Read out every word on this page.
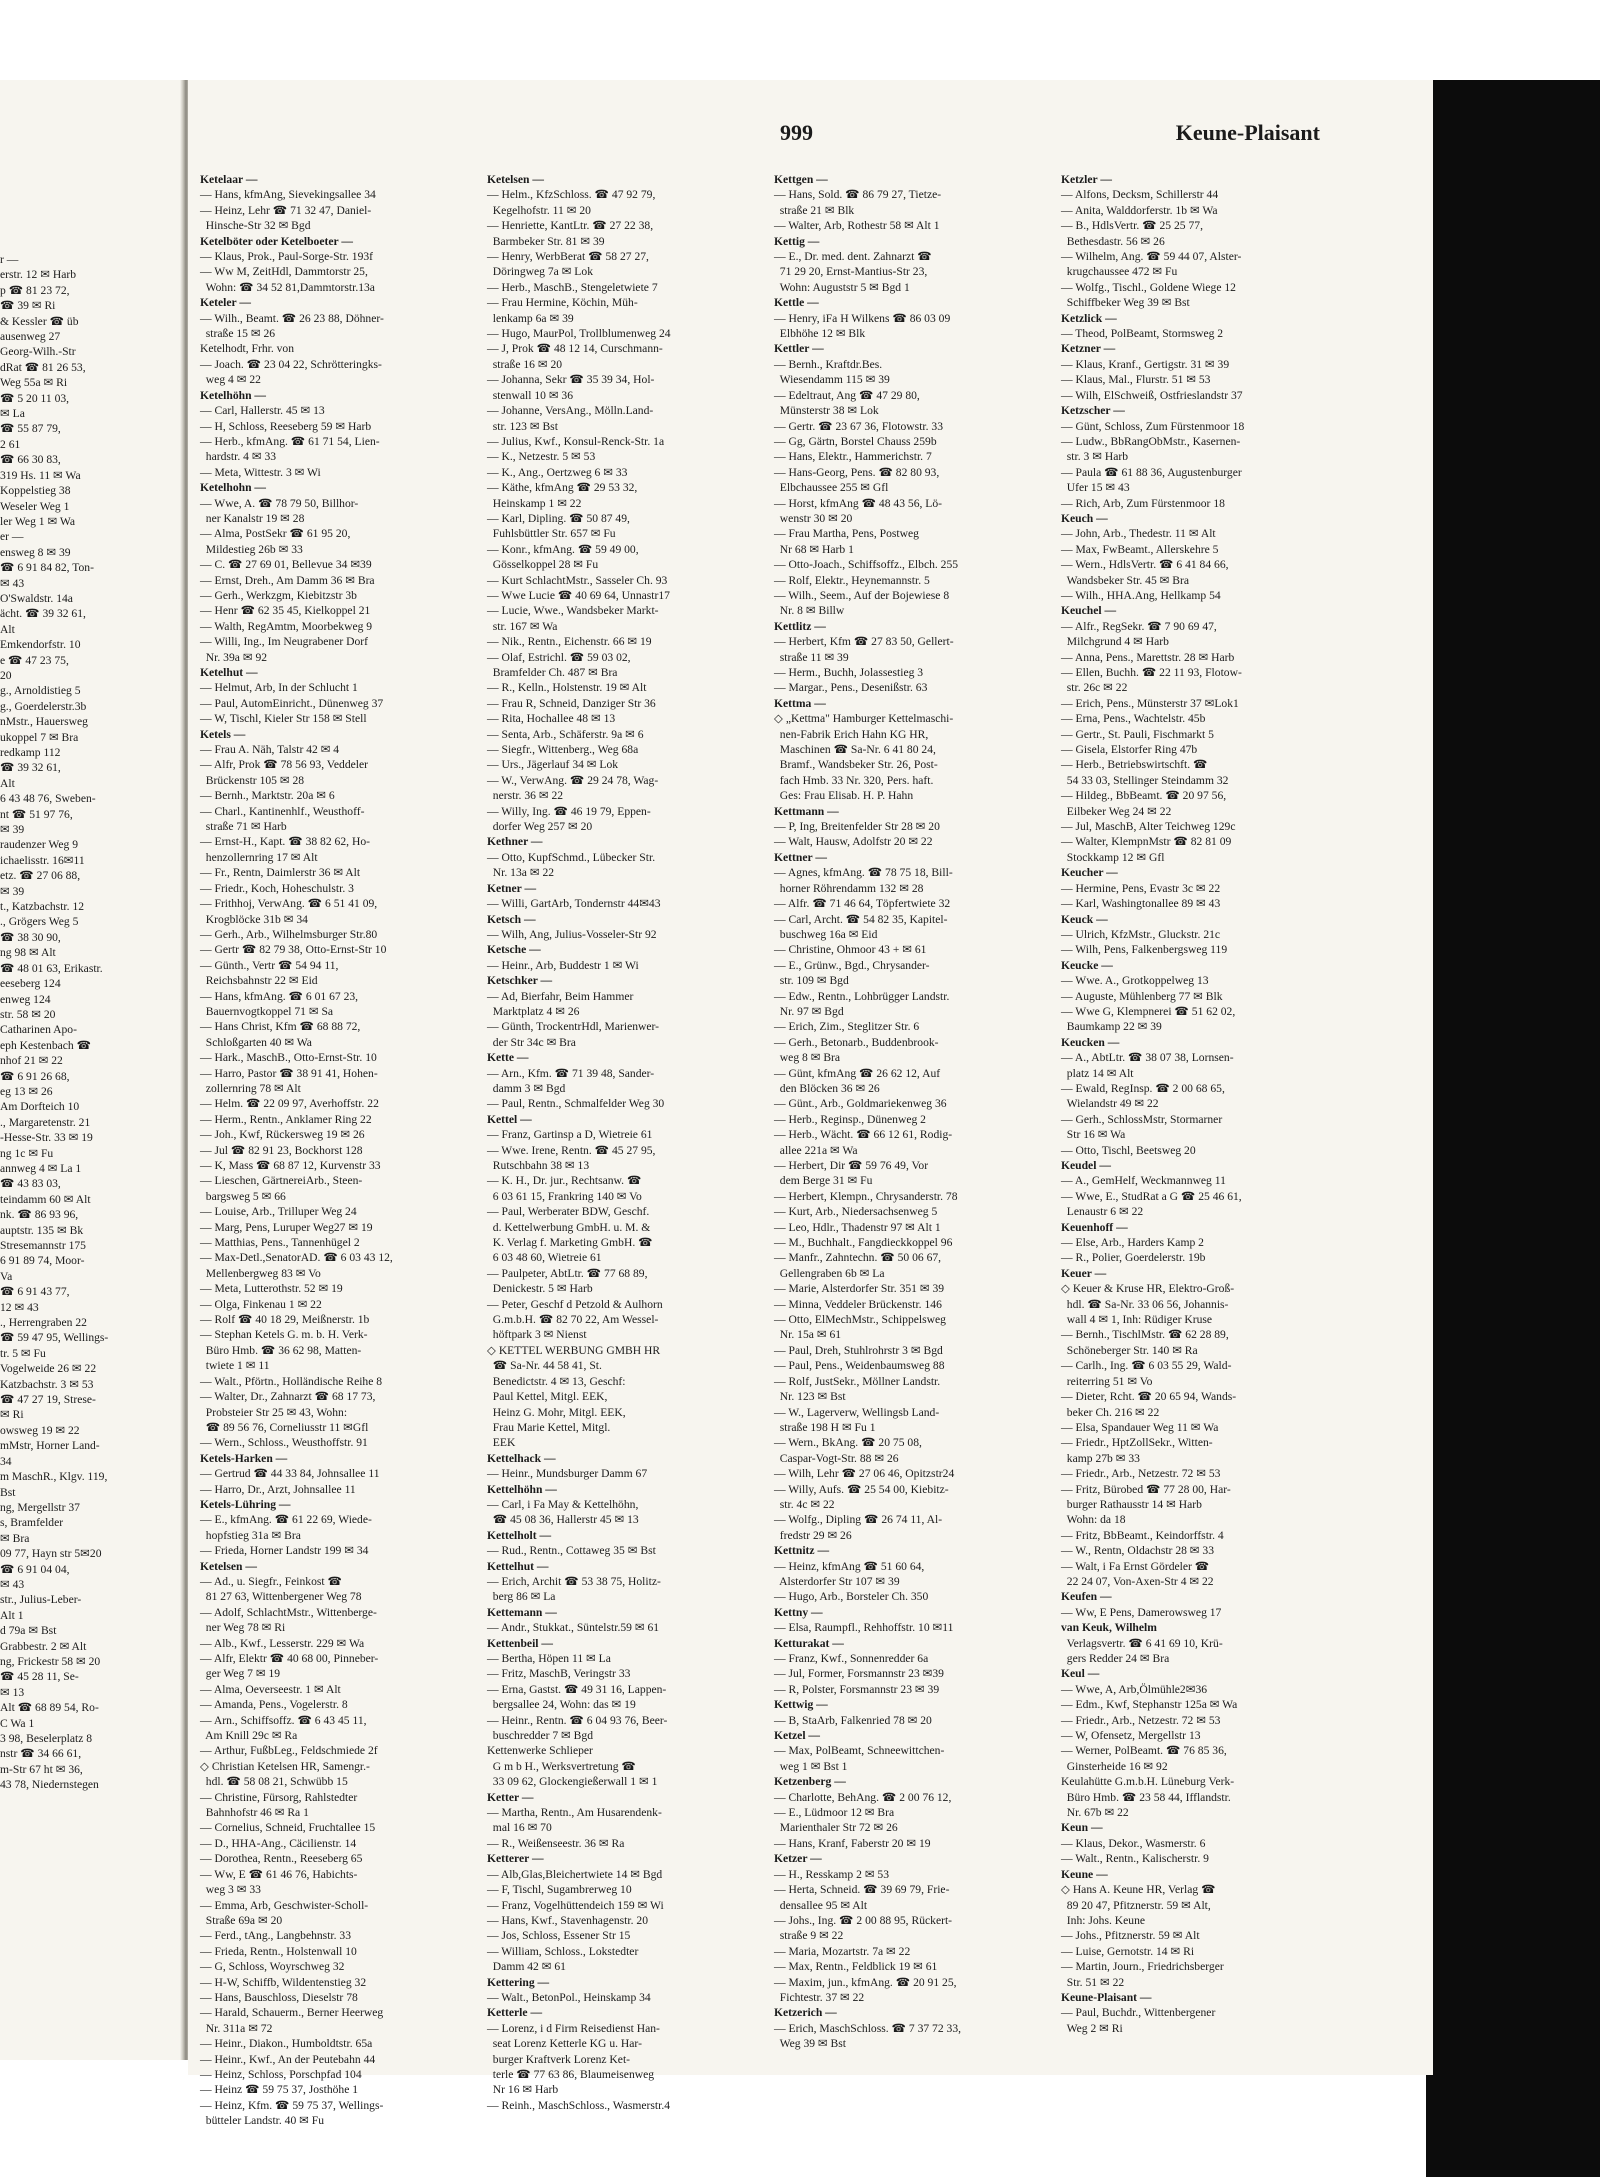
r —
erstr. 12 ✉ Harb
p ☎ 81 23 72,
☎ 39 ✉ Ri
& Kessler ☎ üb
ausenweg 27
Georg-Wilh.-Str
dRat ☎ 81 26 53,
Weg 55a ✉ Ri
☎ 5 20 11 03,
✉ La
☎ 55 87 79,
2 61
☎ 66 30 83,
319 Hs. 11 ✉ Wa
Koppelstieg 38
Weseler Weg 1
ler Weg 1 ✉ Wa
er —
ensweg 8 ✉ 39
☎ 6 91 84 82, Ton-
✉ 43
O'Swaldstr. 14a
ächt. ☎ 39 32 61,
Alt
Emkendorfstr. 10
e ☎ 47 23 75,
20
g., Arnoldistieg 5
g., Goerdelerstr.3b
nMstr., Hauersweg
ukoppel 7 ✉ Bra
redkamp 112
☎ 39 32 61,
Alt
6 43 48 76, Sweben-
nt ☎ 51 97 76,
✉ 39
raudenzer Weg 9
ichaelisstr. 16✉11
etz. ☎ 27 06 88,
✉ 39
t., Katzbachstr. 12
., Grögers Weg 5
☎ 38 30 90,
ng 98 ✉ Alt
☎ 48 01 63, Erikastr.
eeseberg 124
enweg 124
str. 58 ✉ 20
Catharinen Apo-
eph Kestenbach ☎
nhof 21 ✉ 22
☎ 6 91 26 68,
eg 13 ✉ 26
Am Dorfteich 10
., Margaretenstr. 21
-Hesse-Str. 33 ✉ 19
ng 1c ✉ Fu
annweg 4 ✉ La 1
☎ 43 83 03,
teindamm 60 ✉ Alt
nk. ☎ 86 93 96,
auptstr. 135 ✉ Bk
Stresemannstr 175
6 91 89 74, Moor-
Va
☎ 6 91 43 77,
12 ✉ 43
., Herrengraben 22
☎ 59 47 95, Wellings-
tr. 5 ✉ Fu
Vogelweide 26 ✉ 22
Katzbachstr. 3 ✉ 53
☎ 47 27 19, Strese-
✉ Ri
owsweg 19 ✉ 22
mMstr, Horner Land-
34
m MaschR., Klgv. 119,
Bst
ng, Mergellstr 37
s, Bramfelder
✉ Bra
09 77, Hayn str 5✉20
☎ 6 91 04 04,
✉ 43
str., Julius-Leber-
Alt 1
d 79a ✉ Bst
Grabbestr. 2 ✉ Alt
ng, Frickestr 58 ✉ 20
☎ 45 28 11, Se-
✉ 13
Alt ☎ 68 89 54, Ro-
C Wa 1
3 98, Beselerplatz 8
nstr ☎ 34 66 61,
m-Str 67 ht ✉ 36,
43 78, Niedernstegen
999	Keune-Plaisant
Ketelaar —
— Hans, kfmAng, Sievekingsallee 34
— Heinz, Lehr ☎ 71 32 47, Daniel-
Hinsche-Str 32 ✉ Bgd
Ketelböter oder Ketelboeter —
— Klaus, Prok., Paul-Sorge-Str. 193f
— Ww M, ZeitHdl, Dammtorstr 25,
Wohn: ☎ 34 52 81,Dammtorstr.13a
Keteler —
— Wilh., Beamt. ☎ 26 23 88, Döhner-
straße 15 ✉ 26
Ketelhodt, Frhr. von
— Joach. ☎ 23 04 22, Schrötteringks-
weg 4 ✉ 22
Ketelhöhn —
— Carl, Hallerstr. 45 ✉ 13
— H, Schloss, Reeseberg 59 ✉ Harb
— Herb., kfmAng. ☎ 61 71 54, Lien-
hardstr. 4 ✉ 33
— Meta, Wittestr. 3 ✉ Wi
Ketelhohn —
— Wwe, A. ☎ 78 79 50, Billhor-
ner Kanalstr 19 ✉ 28
— Alma, PostSekr ☎ 61 95 20,
Mildestieg 26b ✉ 33
— C. ☎ 27 69 01, Bellevue 34 ✉39
— Ernst, Dreh., Am Damm 36 ✉ Bra
— Gerh., Werkzgm, Kiebitzstr 3b
— Henr ☎ 62 35 45, Kielkoppel 21
— Walth, RegAmtm, Moorbekweg 9
— Willi, Ing., Im Neugrabener Dorf
Nr. 39a ✉ 92
Ketelhut —
— Helmut, Arb, In der Schlucht 1
— Paul, AutomEinricht., Dünenweg 37
— W, Tischl, Kieler Str 158 ✉ Stell
Ketels —
— Frau A. Näh, Talstr 42 ✉ 4
— Alfr, Prok ☎ 78 56 93, Veddeler
Brückenstr 105 ✉ 28
— Bernh., Marktstr. 20a ✉ 6
— Charl., Kantinenhlf., Weusthoff-
straße 71 ✉ Harb
— Ernst-H., Kapt. ☎ 38 82 62, Ho-
henzollernring 17 ✉ Alt
— Fr., Rentn, Daimlerstr 36 ✉ Alt
— Friedr., Koch, Hoheschulstr. 3
— Frithhoj, VerwAng. ☎ 6 51 41 09,
Krogblöcke 31b ✉ 34
— Gerh., Arb., Wilhelmsburger Str.80
— Gertr ☎ 82 79 38, Otto-Ernst-Str 10
— Günth., Vertr ☎ 54 94 11,
Reichsbahnstr 22 ✉ Eid
— Hans, kfmAng. ☎ 6 01 67 23,
Bauernvogtkoppel 71 ✉ Sa
— Hans Christ, Kfm ☎ 68 88 72,
Schloßgarten 40 ✉ Wa
— Hark., MaschB., Otto-Ernst-Str. 10
— Harro, Pastor ☎ 38 91 41, Hohen-
zollernring 78 ✉ Alt
— Helm. ☎ 22 09 97, Averhoffstr. 22
— Herm., Rentn., Anklamer Ring 22
— Joh., Kwf, Rückersweg 19 ✉ 26
— Jul ☎ 82 91 23, Bockhorst 128
— K, Mass ☎ 68 87 12, Kurvenstr 33
— Lieschen, GärtnereiArb., Steen-
bargsweg 5 ✉ 66
— Louise, Arb., Trilluper Weg 24
— Marg, Pens, Luruper Weg27 ✉ 19
— Matthias, Pens., Tannenhügel 2
— Max-Detl.,SenatorAD. ☎ 6 03 43 12,
Mellenbergweg 83 ✉ Vo
— Meta, Lutterothstr. 52 ✉ 19
— Olga, Finkenau 1 ✉ 22
— Rolf ☎ 40 18 29, Meißnerstr. 1b
— Stephan Ketels G. m. b. H. Verk-
Büro Hmb. ☎ 36 62 98, Matten-
twiete 1 ✉ 11
— Walt., Pförtn., Holländische Reihe 8
— Walter, Dr., Zahnarzt ☎ 68 17 73,
Probsteier Str 25 ✉ 43, Wohn:
☎ 89 56 76, Corneliusstr 11 ✉Gfl
— Wern., Schloss., Weusthoffstr. 91
Ketels-Harken —
— Gertrud ☎ 44 33 84, Johnsallee 11
— Harro, Dr., Arzt, Johnsallee 11
Ketels-Lühring —
— E., kfmAng. ☎ 61 22 69, Wiede-
hopfstieg 31a ✉ Bra
— Frieda, Horner Landstr 199 ✉ 34
Ketelsen —
— Ad., u. Siegfr., Feinkost ☎
81 27 63, Wittenbergener Weg 78
— Adolf, SchlachtMstr., Wittenberge-
ner Weg 78 ✉ Ri
— Alb., Kwf., Lesserstr. 229 ✉ Wa
— Alfr, Elektr ☎ 40 68 00, Pinneber-
ger Weg 7 ✉ 19
— Alma, Oeverseestr. 1 ✉ Alt
— Amanda, Pens., Vogelerstr. 8
— Arn., Schiffsoffz. ☎ 6 43 45 11,
Am Knill 29c ✉ Ra
— Arthur, FußbLeg., Feldschmiede 2f
◇ Christian Ketelsen HR, Samengr.-
hdl. ☎ 58 08 21, Schwübb 15
— Christine, Fürsorg, Rahlstedter
Bahnhofstr 46 ✉ Ra 1
— Cornelius, Schneid, Fruchtallee 15
— D., HHA-Ang., Cäcilienstr. 14
— Dorothea, Rentn., Reeseberg 65
— Ww, E ☎ 61 46 76, Habichts-
weg 3 ✉ 33
— Emma, Arb, Geschwister-Scholl-
Straße 69a ✉ 20
— Ferd., tAng., Langbehnstr. 33
— Frieda, Rentn., Holstenwall 10
— G, Schloss, Woyrschweg 32
— H-W, Schiffb, Wildentenstieg 32
— Hans, Bauschloss, Dieselstr 78
— Harald, Schauerm., Berner Heerweg
Nr. 311a ✉ 72
— Heinr., Diakon., Humboldtstr. 65a
— Heinr., Kwf., An der Peutebahn 44
— Heinz, Schloss, Porschpfad 104
— Heinz ☎ 59 75 37, Josthöhe 1
— Heinz, Kfm. ☎ 59 75 37, Wellings-
bütteler Landstr. 40 ✉ Fu
Ketelsen —
— Helm., KfzSchloss. ☎ 47 92 79,
Kegelhofstr. 11 ✉ 20
— Henriette, KantLtr. ☎ 27 22 38,
Barmbeker Str. 81 ✉ 39
— Henry, WerbBerat ☎ 58 27 27,
Döringweg 7a ✉ Lok
— Herb., MaschB., Stengeletwiete 7
— Frau Hermine, Köchin, Müh-
lenkamp 6a ✉ 39
— Hugo, MaurPol, Trollblumenweg 24
— J, Prok ☎ 48 12 14, Curschmann-
straße 16 ✉ 20
— Johanna, Sekr ☎ 35 39 34, Hol-
stenwall 10 ✉ 36
— Johanne, VersAng., Mölln.Land-
str. 123 ✉ Bst
— Julius, Kwf., Konsul-Renck-Str. 1a
— K., Netzestr. 5 ✉ 53
— K., Ang., Oertzweg 6 ✉ 33
— Käthe, kfmAng ☎ 29 53 32,
Heinskamp 1 ✉ 22
— Karl, Dipling. ☎ 50 87 49,
Fuhlsbüttler Str. 657 ✉ Fu
— Konr., kfmAng. ☎ 59 49 00,
Gösselkoppel 28 ✉ Fu
— Kurt SchlachtMstr., Sasseler Ch. 93
— Wwe Lucie ☎ 40 69 64, Unnastr17
— Lucie, Wwe., Wandsbeker Markt-
str. 167 ✉ Wa
— Nik., Rentn., Eichenstr. 66 ✉ 19
— Olaf, Estrichl. ☎ 59 03 02,
Bramfelder Ch. 487 ✉ Bra
— R., Kelln., Holstenstr. 19 ✉ Alt
— Frau R, Schneid, Danziger Str 36
— Rita, Hochallee 48 ✉ 13
— Senta, Arb., Schäferstr. 9a ✉ 6
— Siegfr., Wittenberg., Weg 68a
— Urs., Jägerlauf 34 ✉ Lok
— W., VerwAng. ☎ 29 24 78, Wag-
nerstr. 36 ✉ 22
— Willy, Ing. ☎ 46 19 79, Eppen-
dorfer Weg 257 ✉ 20
Kethner —
— Otto, KupfSchmd., Lübecker Str.
Nr. 13a ✉ 22
Ketner —
— Willi, GartArb, Tondernstr 44✉43
Ketsch —
— Wilh, Ang, Julius-Vosseler-Str 92
Ketsche —
— Heinr., Arb, Buddestr 1 ✉ Wi
Ketschker —
— Ad, Bierfahr, Beim Hammer
Marktplatz 4 ✉ 26
— Günth, TrockentrHdl, Marienwer-
der Str 34c ✉ Bra
Kette —
— Arn., Kfm. ☎ 71 39 48, Sander-
damm 3 ✉ Bgd
— Paul, Rentn., Schmalfelder Weg 30
Kettel —
— Franz, Gartinsp a D, Wietreie 61
— Wwe. Irene, Rentn. ☎ 45 27 95,
Rutschbahn 38 ✉ 13
— K. H., Dr. jur., Rechtsanw. ☎
6 03 61 15, Frankring 140 ✉ Vo
— Paul, Werberater BDW, Geschf.
d. Kettelwerbung GmbH. u. M. &
K. Verlag f. Marketing GmbH. ☎
6 03 48 60, Wietreie 61
— Paulpeter, AbtLtr. ☎ 77 68 89,
Denickestr. 5 ✉ Harb
— Peter, Geschf d Petzold & Aulhorn
G.m.b.H. ☎ 82 70 22, Am Wessel-
höftpark 3 ✉ Nienst
◇ KETTEL WERBUNG GMBH HR
☎ Sa-Nr. 44 58 41, St.
Benedictstr. 4 ✉ 13, Geschf:
Paul Kettel, Mitgl. EEK,
Heinz G. Mohr, Mitgl. EEK,
Frau Marie Kettel, Mitgl.
EEK
Kettelhack —
— Heinr., Mundsburger Damm 67
Kettelhöhn —
— Carl, i Fa May & Kettelhöhn,
☎ 45 08 36, Hallerstr 45 ✉ 13
Kettelholt —
— Rud., Rentn., Cottaweg 35 ✉ Bst
Kettelhut —
— Erich, Archit ☎ 53 38 75, Holitz-
berg 86 ✉ La
Kettemann —
— Andr., Stukkat., Süntelstr.59 ✉ 61
Kettenbeil —
— Bertha, Höpen 11 ✉ La
— Fritz, MaschB, Veringstr 33
— Erna, Gastst. ☎ 49 31 16, Lappen-
bergsallee 24, Wohn: das ✉ 19
— Heinr., Rentn. ☎ 6 04 93 76, Beer-
buschredder 7 ✉ Bgd
Kettenwerke Schlieper
G m b H., Werksvertretung ☎
33 09 62, Glockengießerwall 1 ✉ 1
Ketter —
— Martha, Rentn., Am Husarendenk-
mal 16 ✉ 70
— R., Weißenseestr. 36 ✉ Ra
Ketterer —
— Alb,Glas,Bleichertwiete 14 ✉ Bgd
— F, Tischl, Sugambrerweg 10
— Franz, Vogelhüttendeich 159 ✉ Wi
— Hans, Kwf., Stavenhagenstr. 20
— Jos, Schloss, Essener Str 15
— William, Schloss., Lokstedter
Damm 42 ✉ 61
Kettering —
— Walt., BetonPol., Heinskamp 34
Ketterle —
— Lorenz, i d Firm Reisedienst Han-
seat Lorenz Ketterle KG u. Har-
burger Kraftverk Lorenz Ket-
terle ☎ 77 63 86, Blaumeisenweg
Nr 16 ✉ Harb
— Reinh., MaschSchloss., Wasmerstr.4
Kettgen —
— Hans, Sold. ☎ 86 79 27, Tietze-
straße 21 ✉ Blk
— Walter, Arb, Rothestr 58 ✉ Alt 1
Kettig —
— E., Dr. med. dent. Zahnarzt ☎
71 29 20, Ernst-Mantius-Str 23,
Wohn: Auguststr 5 ✉ Bgd 1
Kettle —
— Henry, iFa H Wilkens ☎ 86 03 09
Elbhöhe 12 ✉ Blk
Kettler —
— Bernh., Kraftdr.Bes.
Wiesendamm 115 ✉ 39
— Edeltraut, Ang ☎ 47 29 80,
Münsterstr 38 ✉ Lok
— Gertr. ☎ 23 67 36, Flotowstr. 33
— Gg, Gärtn, Borstel Chauss 259b
— Hans, Elektr., Hammerichstr. 7
— Hans-Georg, Pens. ☎ 82 80 93,
Elbchaussee 255 ✉ Gfl
— Horst, kfmAng ☎ 48 43 56, Lö-
wenstr 30 ✉ 20
— Frau Martha, Pens, Postweg
Nr 68 ✉ Harb 1
— Otto-Joach., Schiffsoffz., Elbch. 255
— Rolf, Elektr., Heynemannstr. 5
— Wilh., Seem., Auf der Bojewiese 8
Nr. 8 ✉ Billw
Kettlitz —
— Herbert, Kfm ☎ 27 83 50, Gellert-
straße 11 ✉ 39
— Herm., Buchh, Jolassestieg 3
— Margar., Pens., Desenißstr. 63
Kettma —
◇ „Kettma" Hamburger Kettelmaschi-
nen-Fabrik Erich Hahn KG HR,
Maschinen ☎ Sa-Nr. 6 41 80 24,
Bramf., Wandsbeker Str. 26, Post-
fach Hmb. 33 Nr. 320, Pers. haft.
Ges: Frau Elisab. H. P. Hahn
Kettmann —
— P, Ing, Breitenfelder Str 28 ✉ 20
— Walt, Hausw, Adolfstr 20 ✉ 22
Kettner —
— Agnes, kfmAng. ☎ 78 75 18, Bill-
horner Röhrendamm 132 ✉ 28
— Alfr. ☎ 71 46 64, Töpfertwiete 32
— Carl, Archt. ☎ 54 82 35, Kapitel-
buschweg 16a ✉ Eid
— Christine, Ohmoor 43 + ✉ 61
— E., Grünw., Bgd., Chrysander-
str. 109 ✉ Bgd
— Edw., Rentn., Lohbrügger Landstr.
Nr. 97 ✉ Bgd
— Erich, Zim., Steglitzer Str. 6
— Gerh., Betonarb., Buddenbrook-
weg 8 ✉ Bra
— Günt, kfmAng ☎ 26 62 12, Auf
den Blöcken 36 ✉ 26
— Günt., Arb., Goldmariekenweg 36
— Herb., Reginsp., Dünenweg 2
— Herb., Wächt. ☎ 66 12 61, Rodig-
allee 221a ✉ Wa
— Herbert, Dir ☎ 59 76 49, Vor
dem Berge 31 ✉ Fu
— Herbert, Klempn., Chrysanderstr. 78
— Kurt, Arb., Niedersachsenweg 5
— Leo, Hdlr., Thadenstr 97 ✉ Alt 1
— M., Buchhalt., Fangdieckkoppel 96
— Manfr., Zahntechn. ☎ 50 06 67,
Gellengraben 6b ✉ La
— Marie, Alsterdorfer Str. 351 ✉ 39
— Minna, Veddeler Brückenstr. 146
— Otto, ElMechMstr., Schippelsweg
Nr. 15a ✉ 61
— Paul, Dreh, Stuhlrohrstr 3 ✉ Bgd
— Paul, Pens., Weidenbaumsweg 88
— Rolf, JustSekr., Möllner Landstr.
Nr. 123 ✉ Bst
— W., Lagerverw, Wellingsb Land-
straße 198 H ✉ Fu 1
— Wern., BkAng. ☎ 20 75 08,
Caspar-Vogt-Str. 88 ✉ 26
— Wilh, Lehr ☎ 27 06 46, Opitzstr24
— Willy, Aufs. ☎ 25 54 00, Kiebitz-
str. 4c ✉ 22
— Wolfg., Dipling ☎ 26 74 11, Al-
fredstr 29 ✉ 26
Kettnitz —
— Heinz, kfmAng ☎ 51 60 64,
Alsterdorfer Str 107 ✉ 39
— Hugo, Arb., Borsteler Ch. 350
Kettny —
— Elsa, Raumpfl., Rehhoffstr. 10 ✉11
Ketturakat —
— Franz, Kwf., Sonnenredder 6a
— Jul, Former, Forsmannstr 23 ✉39
— R, Polster, Forsmannstr 23 ✉ 39
Kettwig —
— B, StaArb, Falkenried 78 ✉ 20
Ketzel —
— Max, PolBeamt, Schneewittchen-
weg 1 ✉ Bst 1
Ketzenberg —
— Charlotte, BehAng. ☎ 2 00 76 12,
— E., Lüdmoor 12 ✉ Bra
Marienthaler Str 72 ✉ 26
— Hans, Kranf, Faberstr 20 ✉ 19
Ketzer —
— H., Resskamp 2 ✉ 53
— Herta, Schneid. ☎ 39 69 79, Frie-
densallee 95 ✉ Alt
— Johs., Ing. ☎ 2 00 88 95, Rückert-
straße 9 ✉ 22
— Maria, Mozartstr. 7a ✉ 22
— Max, Rentn., Feldblick 19 ✉ 61
— Maxim, jun., kfmAng. ☎ 20 91 25,
Fichtestr. 37 ✉ 22
Ketzerich —
— Erich, MaschSchloss. ☎ 7 37 72 33,
Weg 39 ✉ Bst
Ketzler —
— Alfons, Decksm, Schillerstr 44
— Anita, Walddorferstr. 1b ✉ Wa
— B., HdlsVertr. ☎ 25 25 77,
Bethesdastr. 56 ✉ 26
— Wilhelm, Ang. ☎ 59 44 07, Alster-
krugchaussee 472 ✉ Fu
— Wolfg., Tischl., Goldene Wiege 12
Schiffbeker Weg 39 ✉ Bst
Ketzlick —
— Theod, PolBeamt, Stormsweg 2
Ketzner —
— Klaus, Kranf., Gertigstr. 31 ✉ 39
— Klaus, Mal., Flurstr. 51 ✉ 53
— Wilh, ElSchweiß, Ostfrieslandstr 37
Ketzscher —
— Günt, Schloss, Zum Fürstenmoor 18
— Ludw., BbRangObMstr., Kasernen-
str. 3 ✉ Harb
— Paula ☎ 61 88 36, Augustenburger
Ufer 15 ✉ 43
— Rich, Arb, Zum Fürstenmoor 18
Keuch —
— John, Arb., Thedestr. 11 ✉ Alt
— Max, FwBeamt., Allerskehre 5
— Wern., HdlsVertr. ☎ 6 41 84 66,
Wandsbeker Str. 45 ✉ Bra
— Wilh., HHA.Ang, Hellkamp 54
Keuchel —
— Alfr., RegSekr. ☎ 7 90 69 47,
Milchgrund 4 ✉ Harb
— Anna, Pens., Marettstr. 28 ✉ Harb
— Ellen, Buchh. ☎ 22 11 93, Flotow-
str. 26c ✉ 22
— Erich, Pens., Münsterstr 37 ✉Lok1
— Erna, Pens., Wachtelstr. 45b
— Gertr., St. Pauli, Fischmarkt 5
— Gisela, Elstorfer Ring 47b
— Herb., Betriebswirtschft. ☎
54 33 03, Stellinger Steindamm 32
— Hildeg., BbBeamt. ☎ 20 97 56,
Eilbeker Weg 24 ✉ 22
— Jul, MaschB, Alter Teichweg 129c
— Walter, KlempnMstr ☎ 82 81 09
Stockkamp 12 ✉ Gfl
Keucher —
— Hermine, Pens, Evastr 3c ✉ 22
— Karl, Washingtonallee 89 ✉ 43
Keuck —
— Ulrich, KfzMstr., Gluckstr. 21c
— Wilh, Pens, Falkenbergsweg 119
Keucke —
— Wwe. A., Grotkoppelweg 13
— Auguste, Mühlenberg 77 ✉ Blk
— Wwe G, Klempnerei ☎ 51 62 02,
Baumkamp 22 ✉ 39
Keucken —
— A., AbtLtr. ☎ 38 07 38, Lornsen-
platz 14 ✉ Alt
— Ewald, RegInsp. ☎ 2 00 68 65,
Wielandstr 49 ✉ 22
— Gerh., SchlossMstr, Stormarner
Str 16 ✉ Wa
— Otto, Tischl, Beetsweg 20
Keudel —
— A., GemHelf, Weckmannweg 11
— Wwe, E., StudRat a G ☎ 25 46 61,
Lenaustr 6 ✉ 22
Keuenhoff —
— Else, Arb., Harders Kamp 2
— R., Polier, Goerdelerstr. 19b
Keuer —
◇ Keuer & Kruse HR, Elektro-Groß-
hdl. ☎ Sa-Nr. 33 06 56, Johannis-
wall 4 ✉ 1, Inh: Rüdiger Kruse
— Bernh., TischlMstr. ☎ 62 28 89,
Schöneberger Str. 140 ✉ Ra
— Carlh., Ing. ☎ 6 03 55 29, Wald-
reiterring 51 ✉ Vo
— Dieter, Rcht. ☎ 20 65 94, Wands-
beker Ch. 216 ✉ 22
— Elsa, Spandauer Weg 11 ✉ Wa
— Friedr., HptZollSekr., Witten-
kamp 27b ✉ 33
— Friedr., Arb., Netzestr. 72 ✉ 53
— Fritz, Bürobed ☎ 77 28 00, Har-
burger Rathausstr 14 ✉ Harb
Wohn: da 18
— Fritz, BbBeamt., Keindorffstr. 4
— W., Rentn, Oldachstr 28 ✉ 33
— Walt, i Fa Ernst Gördeler ☎
22 24 07, Von-Axen-Str 4 ✉ 22
Keufen —
— Ww, E Pens, Damerowsweg 17
van Keuk, Wilhelm
Verlagsvertr. ☎ 6 41 69 10, Krü-
gers Redder 24 ✉ Bra
Keul —
— Wwe, A, Arb,Ölmühle2✉36
— Edm., Kwf, Stephanstr 125a ✉ Wa
— Friedr., Arb., Netzestr. 72 ✉ 53
— W, Ofensetz, Mergellstr 13
— Werner, PolBeamt. ☎ 76 85 36,
Ginsterheide 16 ✉ 92
Keulahütte G.m.b.H. Lüneburg Verk-
Büro Hmb. ☎ 23 58 44, Ifflandstr.
Nr. 67b ✉ 22
Keun —
— Klaus, Dekor., Wasmerstr. 6
— Walt., Rentn., Kalischerstr. 9
Keune —
◇ Hans A. Keune HR, Verlag ☎
89 20 47, Pfitznerstr. 59 ✉ Alt,
Inh: Johs. Keune
— Johs., Pfitznerstr. 59 ✉ Alt
— Luise, Gernotstr. 14 ✉ Ri
— Martin, Journ., Friedrichsberger
Str. 51 ✉ 22
Keune-Plaisant —
— Paul, Buchdr., Wittenbergener
Weg 2 ✉ Ri
